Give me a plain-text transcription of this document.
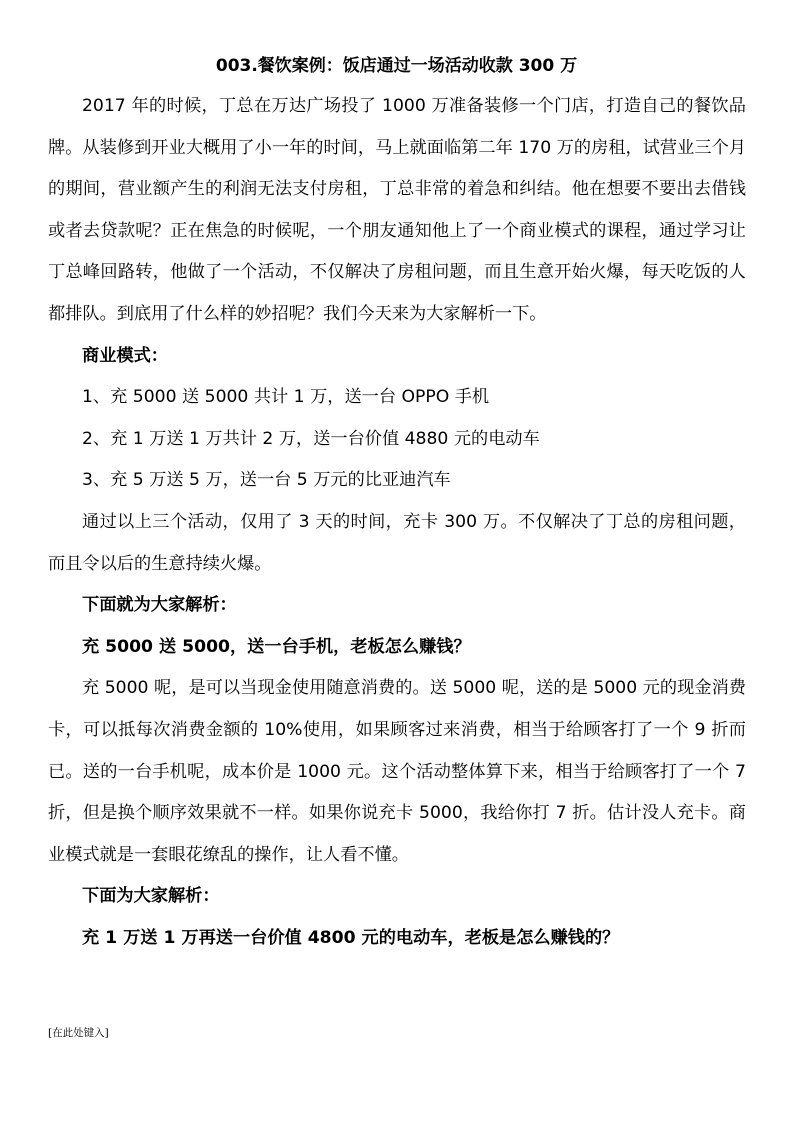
003.餐饮案例：饭店通过一场活动收款 300 万

2017 年的时候，丁总在万达广场投了 1000 万准备装修一个门店，打造自己的餐饮品牌。从装修到开业大概用了小一年的时间，马上就面临第二年 170 万的房租，试营业三个月的期间，营业额产生的利润无法支付房租，丁总非常的着急和纠结。他在想要不要出去借钱或者去贷款呢？正在焦急的时候呢，一个朋友通知他上了一个商业模式的课程，通过学习让丁总峰回路转，他做了一个活动，不仅解决了房租问题，而且生意开始火爆，每天吃饭的人都排队。到底用了什么样的妙招呢？我们今天来为大家解析一下。

商业模式：

1、充 5000 送 5000 共计 1 万，送一台 OPPO 手机

2、充 1 万送 1 万共计 2 万，送一台价值 4880 元的电动车

3、充 5 万送 5 万，送一台 5 万元的比亚迪汽车

通过以上三个活动，仅用了 3 天的时间，充卡 300 万。不仅解决了丁总的房租问题，而且令以后的生意持续火爆。

下面就为大家解析：

充 5000 送 5000，送一台手机，老板怎么赚钱？

充 5000 呢，是可以当现金使用随意消费的。送 5000 呢，送的是 5000 元的现金消费卡，可以抵每次消费金额的 10%使用，如果顾客过来消费，相当于给顾客打了一个 9 折而已。送的一台手机呢，成本价是 1000 元。这个活动整体算下来，相当于给顾客打了一个 7 折，但是换个顺序效果就不一样。如果你说充卡 5000，我给你打 7 折。估计没人充卡。商业模式就是一套眼花缭乱的操作，让人看不懂。

下面为大家解析：

充 1 万送 1 万再送一台价值 4800 元的电动车，老板是怎么赚钱的？

[在此处键入]
